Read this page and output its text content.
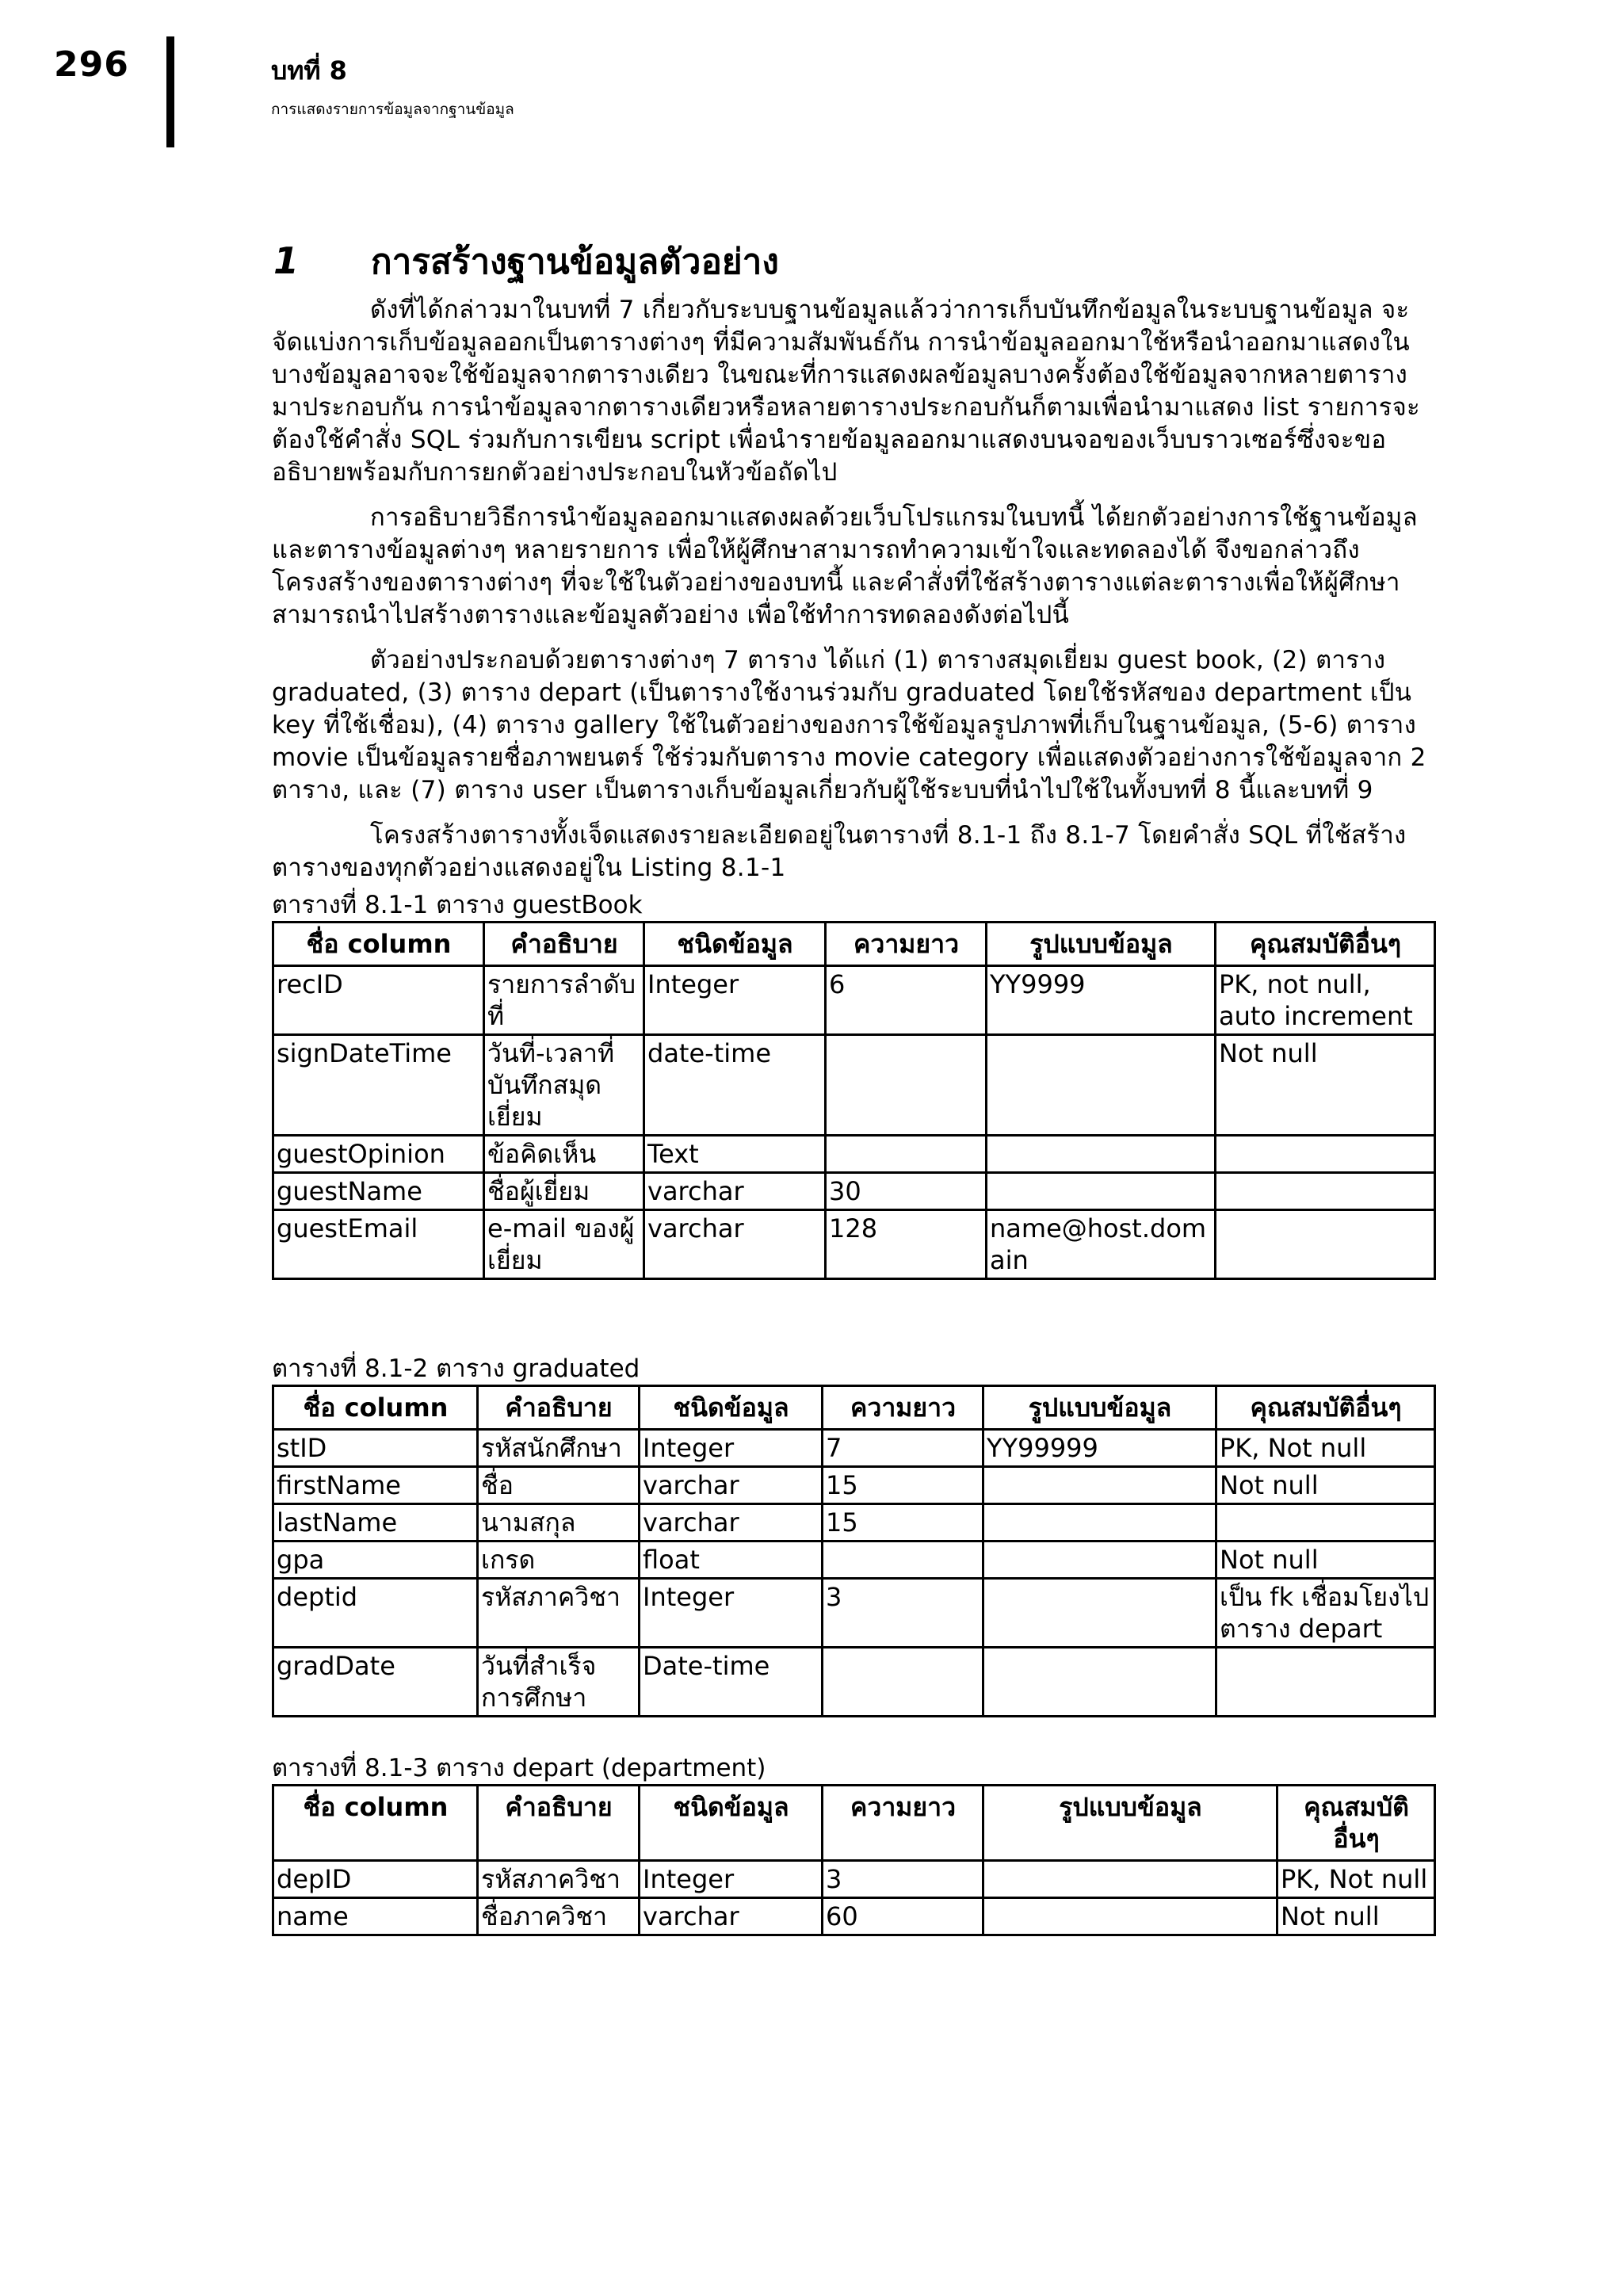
296	บทที่ 8
การแสดงรายการข้อมูลจากฐานข้อมูล
1	การสร้างฐานข้อมูลตัวอย่าง

ดังที่ได้กล่าวมาในบทที่ 7 เกี่ยวกับระบบฐานข้อมูลแล้วว่าการเก็บบันทึกข้อมูลในระบบฐานข้อมูล จะจัดแบ่งการเก็บข้อมูลออกเป็นตารางต่างๆ ที่มีความสัมพันธ์กัน การนำข้อมูลออกมาใช้หรือนำออกมาแสดงในบางข้อมูลอาจจะใช้ข้อมูลจากตารางเดียว ในขณะที่การแสดงผลข้อมูลบางครั้งต้องใช้ข้อมูลจากหลายตารางมาประกอบกัน การนำข้อมูลจากตารางเดียวหรือหลายตารางประกอบกันก็ตามเพื่อนำมาแสดง list รายการจะต้องใช้คำสั่ง SQL ร่วมกับการเขียน script เพื่อนำรายข้อมูลออกมาแสดงบนจอของเว็บบราวเซอร์ซึ่งจะขออธิบายพร้อมกับการยกตัวอย่างประกอบในหัวข้อถัดไป

การอธิบายวิธีการนำข้อมูลออกมาแสดงผลด้วยเว็บโปรแกรมในบทนี้ ได้ยกตัวอย่างการใช้ฐานข้อมูลและตารางข้อมูลต่างๆ หลายรายการ เพื่อให้ผู้ศึกษาสามารถทำความเข้าใจและทดลองได้ จึงขอกล่าวถึงโครงสร้างของตารางต่างๆ ที่จะใช้ในตัวอย่างของบทนี้ และคำสั่งที่ใช้สร้างตารางแต่ละตารางเพื่อให้ผู้ศึกษาสามารถนำไปสร้างตารางและข้อมูลตัวอย่าง เพื่อใช้ทำการทดลองดังต่อไปนี้

ตัวอย่างประกอบด้วยตารางต่างๆ 7 ตาราง ได้แก่ (1) ตารางสมุดเยี่ยม guest book, (2) ตาราง graduated, (3) ตาราง depart (เป็นตารางใช้งานร่วมกับ graduated โดยใช้รหัสของ department เป็น key ที่ใช้เชื่อม), (4) ตาราง gallery ใช้ในตัวอย่างของการใช้ข้อมูลรูปภาพที่เก็บในฐานข้อมูล, (5-6) ตาราง movie เป็นข้อมูลรายชื่อภาพยนตร์ ใช้ร่วมกับตาราง movie category เพื่อแสดงตัวอย่างการใช้ข้อมูลจาก 2 ตาราง, และ (7) ตาราง user เป็นตารางเก็บข้อมูลเกี่ยวกับผู้ใช้ระบบที่นำไปใช้ในทั้งบทที่ 8 นี้และบทที่ 9

โครงสร้างตารางทั้งเจ็ดแสดงรายละเอียดอยู่ในตารางที่ 8.1-1 ถึง 8.1-7 โดยคำสั่ง SQL ที่ใช้สร้างตารางของทุกตัวอย่างแสดงอยู่ใน Listing 8.1-1

ตารางที่ 8.1-1 ตาราง guestBook
ชื่อ column	คำอธิบาย	ชนิดข้อมูล	ความยาว	รูปแบบข้อมูล	คุณสมบัติอื่นๆ
recID	รายการลำดับที่	Integer	6	YY9999	PK, not null, auto increment
signDateTime	วันที่-เวลาที่บันทึกสมุดเยี่ยม	date-time			Not null
guestOpinion	ข้อคิดเห็น	Text			
guestName	ชื่อผู้เยี่ยม	varchar	30		
guestEmail	e-mail ของผู้เยี่ยม	varchar	128	name@host.domain	
ตารางที่ 8.1-2 ตาราง graduated
ชื่อ column	คำอธิบาย	ชนิดข้อมูล	ความยาว	รูปแบบข้อมูล	คุณสมบัติอื่นๆ
stID	รหัสนักศึกษา	Integer	7	YY99999	PK, Not null
firstName	ชื่อ	varchar	15		Not null
lastName	นามสกุล	varchar	15		
gpa	เกรด	float			Not null
deptid	รหัสภาควิชา	Integer	3		เป็น fk เชื่อมโยงไปตาราง depart
gradDate	วันที่สำเร็จการศึกษา	Date-time			
ตารางที่ 8.1-3 ตาราง depart (department)
ชื่อ column	คำอธิบาย	ชนิดข้อมูล	ความยาว	รูปแบบข้อมูล	คุณสมบัติอื่นๆ
depID	รหัสภาควิชา	Integer	3		PK, Not null
name	ชื่อภาควิชา	varchar	60		Not null
